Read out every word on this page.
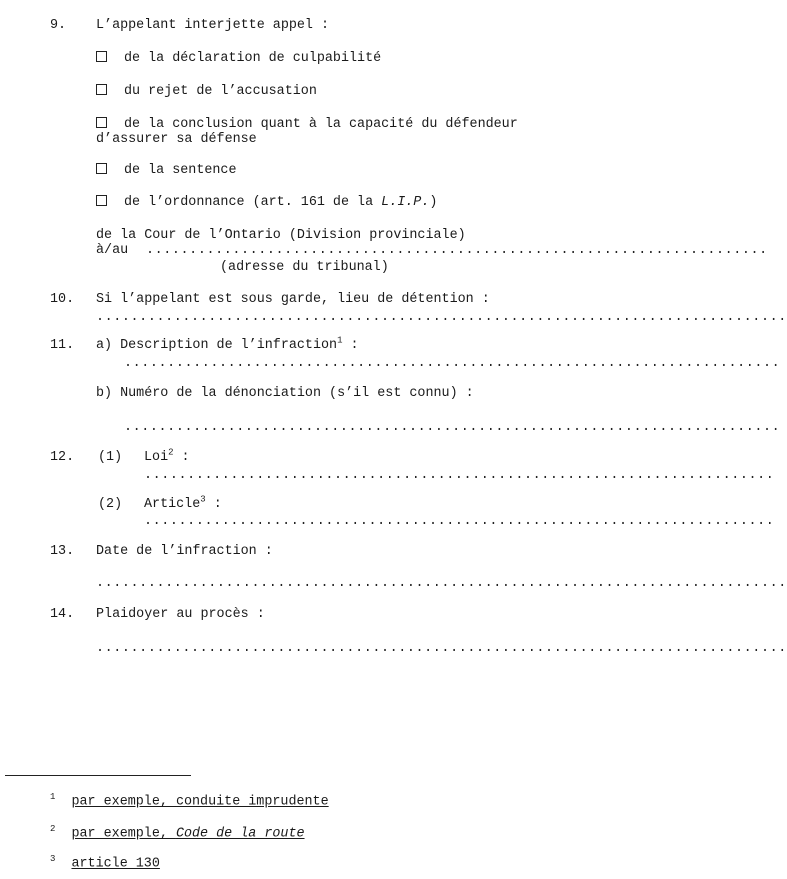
9. L’appelant interjette appel :
de la déclaration de culpabilité
du rejet de l’accusation
de la conclusion quant à la capacité du défendeur
d’assurer sa défense
de la sentence
de l’ordonnance (art. 161 de la L.I.P.)
de la Cour de l’Ontario (Division provinciale)
à/au ........................................................................
(adresse du tribunal)
10. Si l’appelant est sous garde, lieu de détention :
................................................................................
11. a) Description de l’infraction$^1$ :
............................................................................
b) Numéro de la dénonciation (s’il est connu) :
............................................................................
12. (1) Loi$^2$ :
.........................................................................
(2) Article$^3$ :
.........................................................................
13. Date de l’infraction :
................................................................................
14. Plaidoyer au procès :
................................................................................
$^1$ par exemple, conduite imprudente
$^2$ par exemple, Code de la route
$^3$ article 130
